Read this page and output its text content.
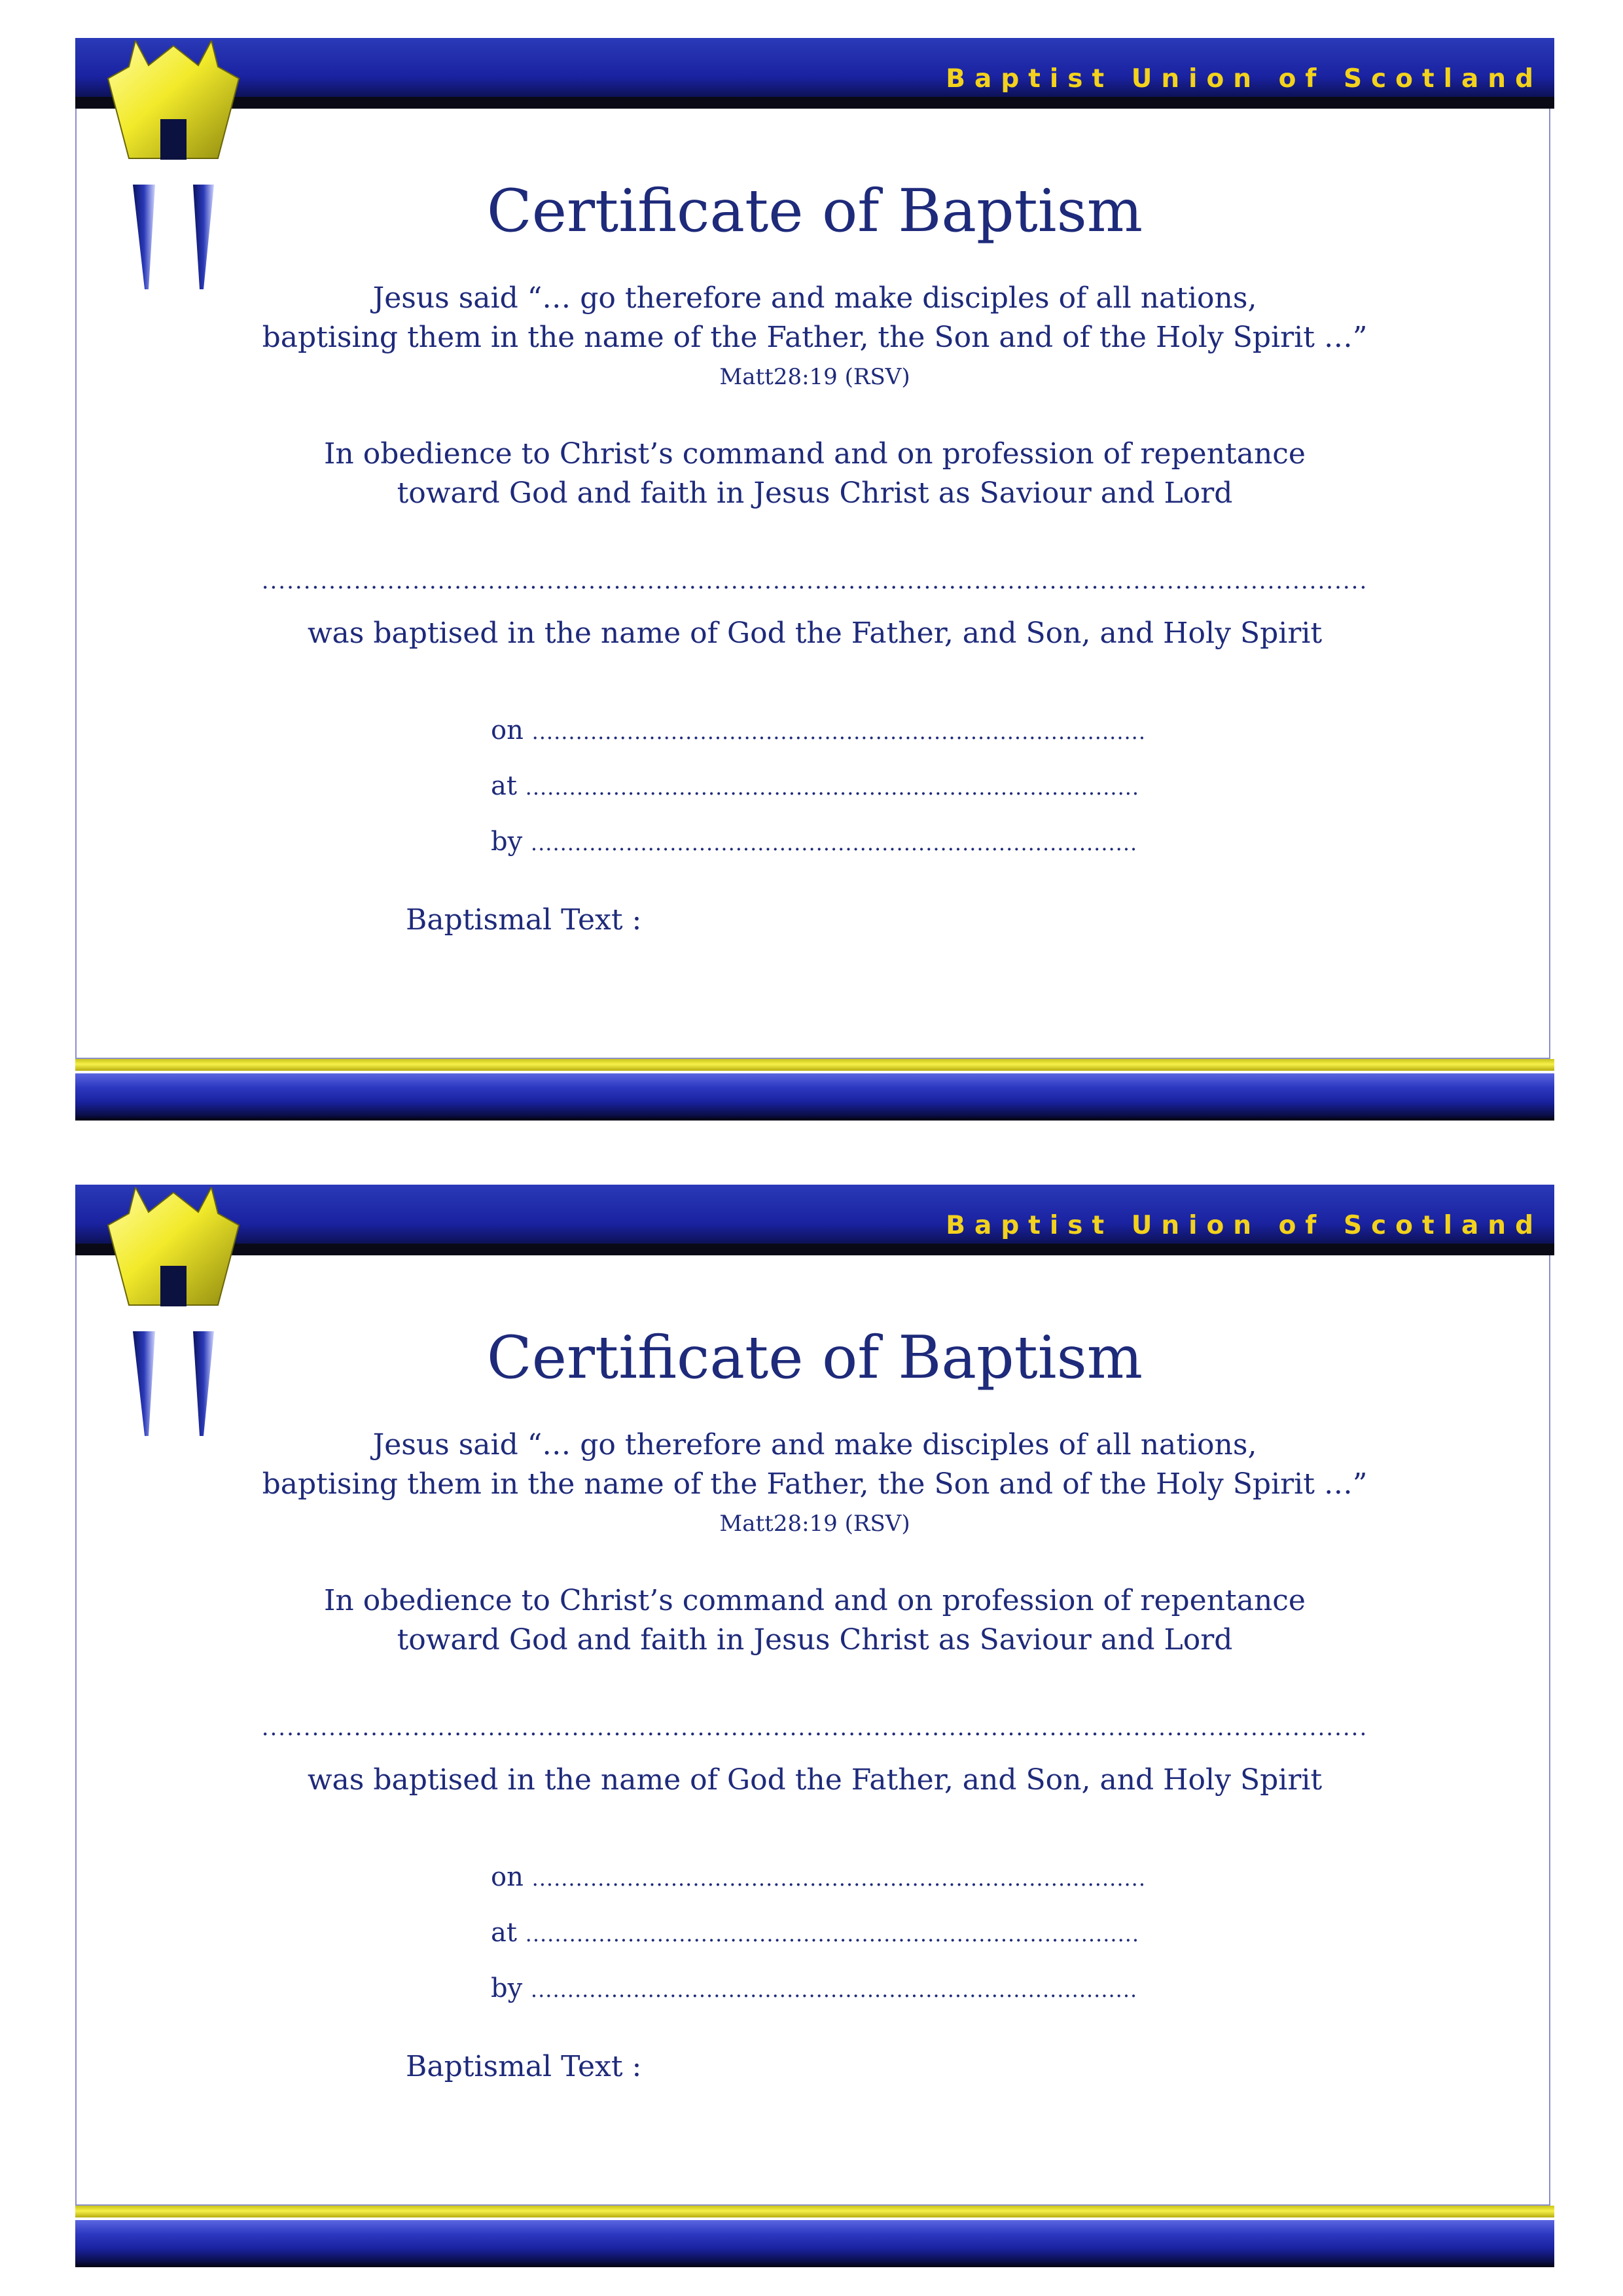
Baptist Union of Scotland
Certificate of Baptism
Jesus said “… go therefore and make disciples of all nations,
baptising them in the name of the Father, the Son and of the Holy Spirit …”
Matt28:19 (RSV)
In obedience to Christ’s command and on profession of repentance
toward God and faith in Jesus Christ as Saviour and Lord
....................................................................................................................................
was baptised in the name of God the Father, and Son, and Holy Spirit
on ....................................................................................
at ....................................................................................
by ...................................................................................
Baptismal Text :
Baptist Union of Scotland
Certificate of Baptism
Jesus said “… go therefore and make disciples of all nations,
baptising them in the name of the Father, the Son and of the Holy Spirit …”
Matt28:19 (RSV)
In obedience to Christ’s command and on profession of repentance
toward God and faith in Jesus Christ as Saviour and Lord
....................................................................................................................................
was baptised in the name of God the Father, and Son, and Holy Spirit
on ....................................................................................
at ....................................................................................
by ...................................................................................
Baptismal Text :
